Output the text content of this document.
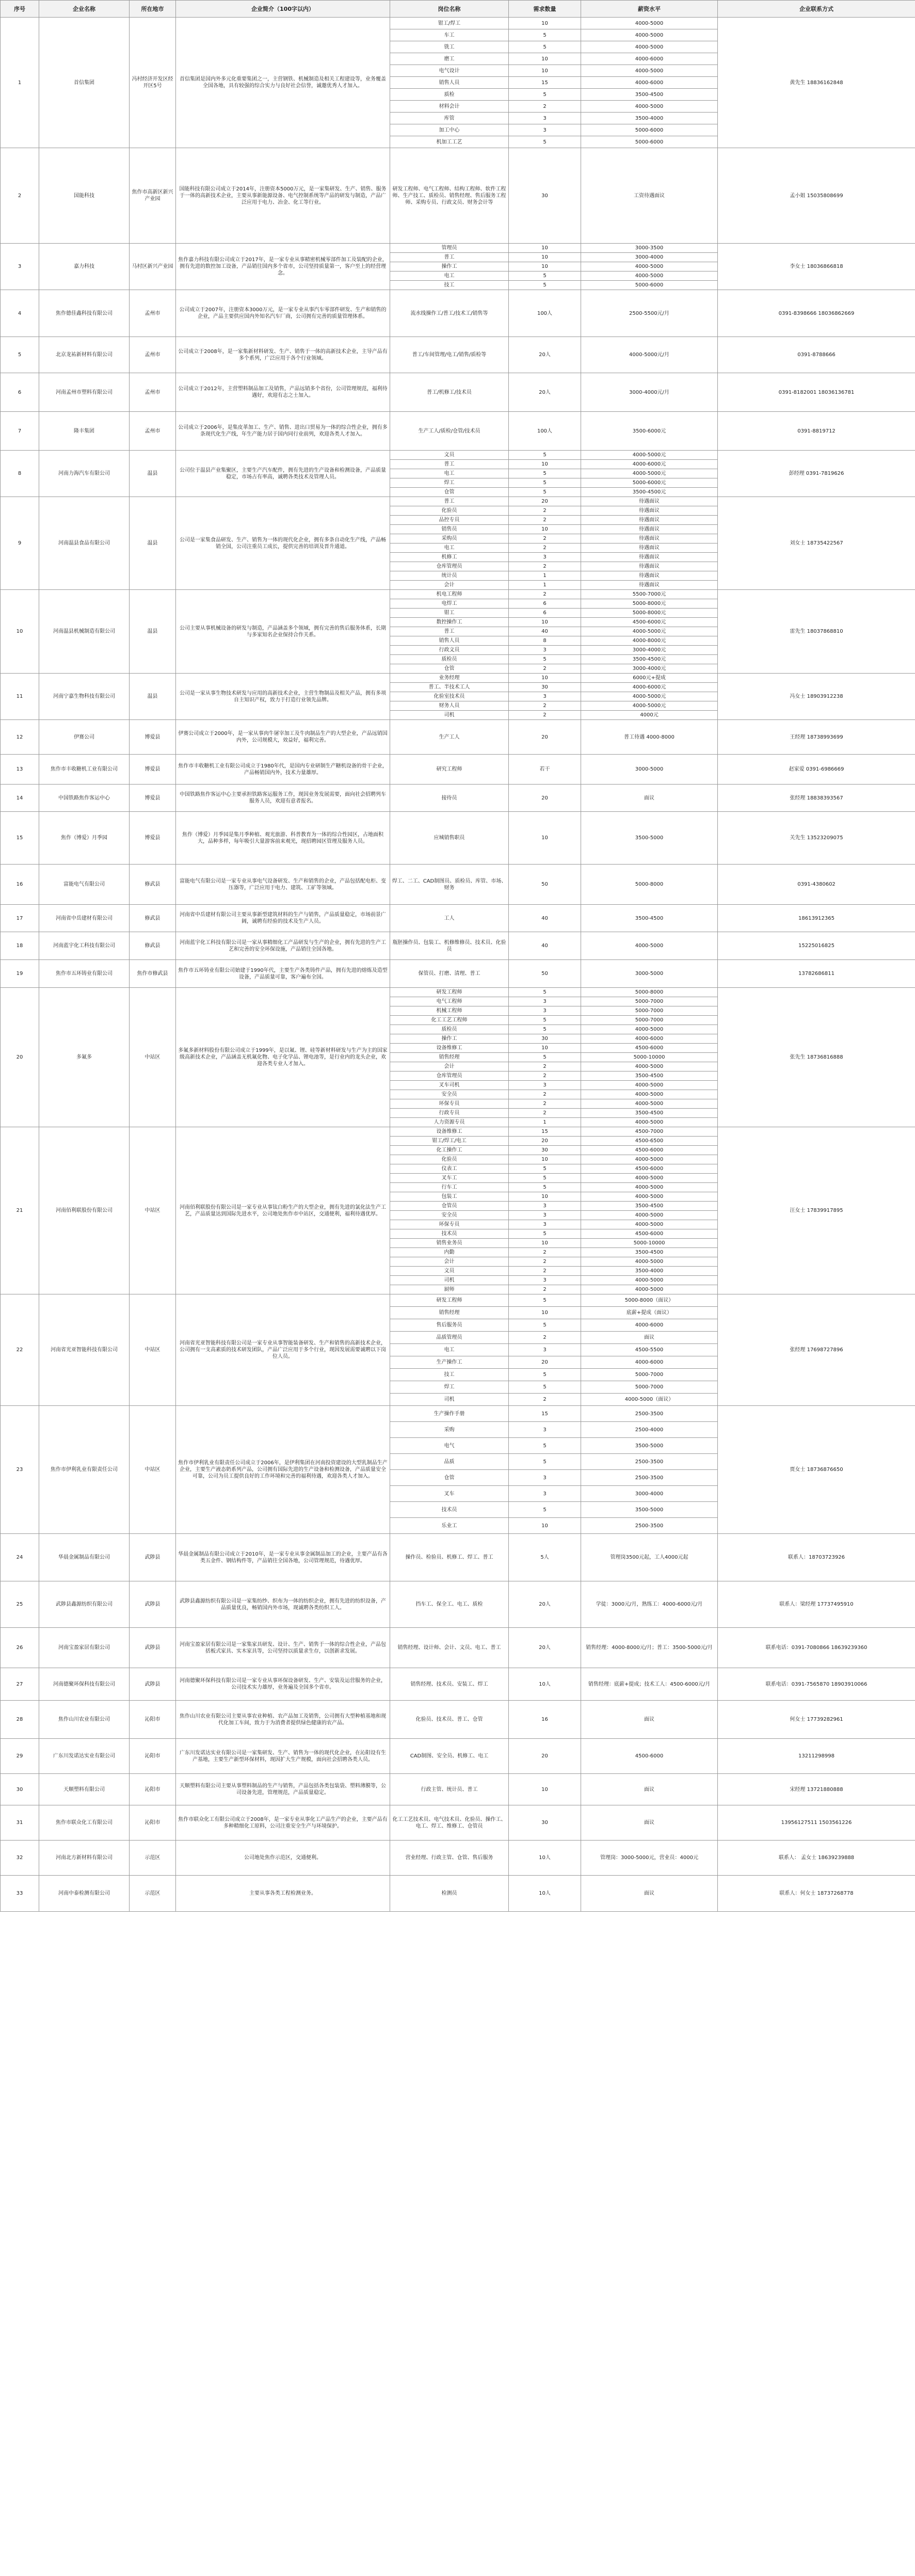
序号	企业名称	所在地市	企业简介（100字以内）	岗位名称	需求数量	薪资水平	企业联系方式
1	首信集团	冯村经济开发区经开区5号	首信集团是国内外多元化重要集团之一，主营钢铁、机械制造及相关工程建设等，业务覆盖全国各地，具有较强的综合实力与良好社会信誉，诚邀优秀人才加入。	钳工/焊工	10	4000-5000	黄先生 18836162848
				车工	5	4000-5000	
				铣工	5	4000-5000	
				磨工	10	4000-6000	
				电气设计	10	4000-5000	
				销售人员	15	4000-6000	
				质检	5	3500-4500	
				材料会计	2	4000-5000	
				库管	3	3500-4000	
				加工中心	3	5000-6000	
				机加工工艺	5	5000-6000	
2	国能科技	焦作市高新区新兴产业园	国能科技有限公司成立于2014年，注册资本5000万元，是一家集研发、生产、销售、服务于一体的高新技术企业，主要从事新能源设备、电气控制系统等产品的研发与制造，产品广泛应用于电力、冶金、化工等行业。	研发工程师、电气工程师、结构工程师、软件工程师、生产技工、质检员、销售经理、售后服务工程师、采购专员、行政文员、财务会计等	30	工资待遇面议	孟小姐 15035808699
3	嘉力科技	马村区新兴产业园	焦作嘉力科技有限公司成立于2017年，是一家专业从事精密机械零部件加工及装配的企业，拥有先进的数控加工设备，产品销往国内多个省市，公司坚持质量第一，客户至上的经营理念。	管理员	10	3000-3500	李女士 18036866818
				普工	10	3000-4000	
				操作工	10	4000-5000	
				电工	5	4000-5000	
				技工	5	5000-6000	
4	焦作德佳鑫科技有限公司	孟州市	公司成立于2007年，注册资本3000万元，是一家专业从事汽车零部件研发、生产和销售的企业，产品主要供应国内外知名汽车厂商，公司拥有完善的质量管理体系。	流水线操作工/普工/技术工/销售等	100人	2500-5500元/月	0391-8398666 18036862669
5	北京龙祐新材料有限公司	孟州市	公司成立于2008年，是一家集新材料研发、生产、销售于一体的高新技术企业，主导产品有多个系列，广泛应用于各个行业领域。	普工/车间管理/电工/销售/质检等	20人	4000-5000元/月	0391-8788666
6	河南孟州市塑料有限公司	孟州市	公司成立于2012年，主营塑料制品加工及销售，产品远销多个省份，公司管理规范，福利待遇好，欢迎有志之士加入。	普工/机修工/技术员	20人	3000-4000元/月	0391-8182001 18036136781
7	隆丰集团	孟州市	公司成立于2006年，是集皮革加工、生产、销售、进出口贸易为一体的综合性企业，拥有多条现代化生产线，年生产能力居于国内同行业前列，欢迎各类人才加入。	生产工人/质检/仓管/技术员	100人	3500-6000元	0391-8819712
8	河南力海汽车有限公司	温县	公司位于温县产业集聚区，主要生产汽车配件，拥有先进的生产设备和检测设备，产品质量稳定，市场占有率高，诚聘各类技术及管理人员。	文员	5	4000-5000元	彭经理 0391-7819626
				普工	10	4000-6000元	
				电工	5	4000-5000元	
				焊工	5	5000-6000元	
				仓管	5	3500-4500元	
9	河南温县食品有限公司	温县	公司是一家集食品研发、生产、销售为一体的现代化企业，拥有多条自动化生产线，产品畅销全国，公司注重员工成长，提供完善的培训及晋升通道。	普工	20	待遇面议	刘女士 18735422567
				化验员	2	待遇面议	
				品控专员	2	待遇面议	
				销售员	10	待遇面议	
				采购员	2	待遇面议	
				电工	2	待遇面议	
				机修工	3	待遇面议	
				仓库管理员	2	待遇面议	
				统计员	1	待遇面议	
				会计	1	待遇面议	
10	河南温县机械制造有限公司	温县	公司主要从事机械设备的研发与制造，产品涵盖多个领域，拥有完善的售后服务体系，长期与多家知名企业保持合作关系。	机电工程师	2	5500-7000元	雷先生 18037868810
				电焊工	6	5000-8000元	
				钳工	6	5000-8000元	
				数控操作工	10	4500-6000元	
				普工	40	4000-5000元	
				销售人员	8	4000-8000元	
				行政文员	3	3000-4000元	
				质检员	5	3500-4500元	
				仓管	2	3000-4000元	
11	河南宁嘉生物科技有限公司	温县	公司是一家从事生物技术研发与应用的高新技术企业，主营生物制品及相关产品，拥有多项自主知识产权，致力于打造行业领先品牌。	业务经理	10	6000元+提成	冯女士 18903912238
				普工、半技术工人	30	4000-6000元	
				化验室技术员	3	4000-5000元	
				财务人员	2	4000-5000元	
				司机	2	4000元	
12	伊赛公司	博爱县	伊赛公司成立于2000年，是一家从事肉牛屠宰加工及牛肉制品生产的大型企业，产品远销国内外，公司规模大，效益好，福利完善。	生产工人	20	普工待遇 4000-8000	王经理 18738993699
13	焦作市丰收糖机工业有限公司	博爱县	焦作市丰收糖机工业有限公司成立于1980年代，是国内专业研制生产糖机设备的骨干企业，产品畅销国内外，技术力量雄厚。	研究工程师	若干	3000-5000	赵家爱 0391-6986669
14	中国铁路焦作客运中心	博爱县	中国铁路焦作客运中心主要承担铁路客运服务工作，现因业务发展需要，面向社会招聘列车服务人员，欢迎有意者报名。	接待员	20	面议	张经理 18838393567
15	焦作（博爱）月季园	博爱县	焦作（博爱）月季园是集月季种植、观光旅游、科普教育为一体的综合性园区，占地面积大，品种多样，每年吸引大量游客前来观光，现招聘园区管理及服务人员。	应城销售职员	10	3500-5000	关先生 13523209075
16	富能电气有限公司	修武县	富能电气有限公司是一家专业从事电气设备研发、生产和销售的企业，产品包括配电柜、变压器等，广泛应用于电力、建筑、工矿等领域。	焊工、二工、CAD制图员、质检员、库管、市场、财务	50	5000-8000	0391-4380602
17	河南省中岳建材有限公司	修武县	河南省中岳建材有限公司主要从事新型建筑材料的生产与销售，产品质量稳定，市场前景广阔，诚聘有经验的技术及生产人员。	工人	40	3500-4500	18613912365
18	河南蓝宇化工科技有限公司	修武县	河南蓝宇化工科技有限公司是一家从事精细化工产品研发与生产的企业，拥有先进的生产工艺和完善的安全环保设施，产品销往全国各地。	瓶胚操作员、包装工、机修维修员、技术员、化验员	40	4000-5000	15225016825
19	焦作市五环铸业有限公司	焦作市修武县	焦作市五环铸业有限公司始建于1990年代，主要生产各类铸件产品，拥有先进的熔炼及造型设备，产品质量可靠，客户遍布全国。	保管员、打磨、清理、普工	50	3000-5000	13782686811
20	多氟多	中站区	多氟多新材料股份有限公司成立于1999年，是以氟、锂、硅等新材料研发与生产为主的国家级高新技术企业，产品涵盖无机氟化物、电子化学品、锂电池等，是行业内的龙头企业，欢迎各类专业人才加入。	研发工程师	5	5000-8000	张先生 18736816888
				电气工程师	3	5000-7000	
				机械工程师	3	5000-7000	
				化工工艺工程师	5	5000-7000	
				质检员	5	4000-5000	
				操作工	30	4000-6000	
				设备维修工	10	4500-6000	
				销售经理	5	5000-10000	
				会计	2	4000-5000	
				仓库管理员	2	3500-4500	
				叉车司机	3	4000-5000	
				安全员	2	4000-5000	
				环保专员	2	4000-5000	
				行政专员	2	3500-4500	
				人力资源专员	1	4000-5000	
21	河南佰利联股份有限公司	中站区	河南佰利联股份有限公司是一家专业从事钛白粉生产的大型企业，拥有先进的氯化法生产工艺，产品质量达到国际先进水平，公司地处焦作市中站区，交通便利，福利待遇优厚。	设备维修工	15	4500-7000	汪女士 17839917895
				钳工/焊工/电工	20	4500-6500	
				化工操作工	30	4500-6000	
				化验员	10	4000-5000	
				仪表工	5	4500-6000	
				叉车工	5	4000-5000	
				行车工	5	4000-5000	
				包装工	10	4000-5000	
				仓管员	3	3500-4500	
				安全员	3	4000-5000	
				环保专员	3	4000-5000	
				技术员	5	4500-6000	
				销售业务员	10	5000-10000	
				内勤	2	3500-4500	
				会计	2	4000-5000	
				文员	2	3500-4000	
				司机	3	4000-5000	
				厨师	2	4000-5000	
22	河南省光亚智能科技有限公司	中站区	河南省光亚智能科技有限公司是一家专业从事智能装备研发、生产和销售的高新技术企业，公司拥有一支高素质的技术研发团队，产品广泛应用于多个行业，现因发展需要诚聘以下岗位人员。	研发工程师	5	5000-8000（面议）	张经理 17698727896
				销售经理	10	底薪+提成（面议）	
				售后服务员	5	4000-6000	
				品质管理员	2	面议	
				电工	3	4500-5500	
				生产操作工	20	4000-6000	
				技工	5	5000-7000	
				焊工	5	5000-7000	
				司机	2	4000-5000（面议）	
23	焦作市伊利乳业有限责任公司	中站区	焦作市伊利乳业有限责任公司成立于2006年，是伊利集团在河南投资建设的大型乳制品生产企业，主要生产液态奶系列产品，公司拥有国际先进的生产设备和检测设备，产品质量安全可靠，公司为员工提供良好的工作环境和完善的福利待遇，欢迎各类人才加入。	生产操作手册	15	2500-3500	贾女士 18736876650
				采购	3	2500-4000	
				电气	5	3500-5000	
				品质	5	2500-3500	
				仓管	3	2500-3500	
				叉车	3	3000-4000	
				技术员	5	3500-5000	
				乐业工	10	2500-3500	
24	华晨金属制品有限公司	武陟县	华晨金属制品有限公司成立于2010年，是一家专业从事金属制品加工的企业，主要产品有各类五金件、钢结构件等，产品销往全国各地，公司管理规范，待遇优厚。	操作员、检验员、机修工、焊工、普工	5人	管理岗3500元起，工人4000元起	联系人：18703723926
25	武陟县鑫源纺织有限公司	武陟县	武陟县鑫源纺织有限公司是一家集纺纱、织布为一体的纺织企业，拥有先进的纺织设备，产品质量优良，畅销国内外市场，现诚聘各类纺织工人。	挡车工、保全工、电工、质检	20人	学徒：3000元/月，熟练工：4000-6000元/月	联系人：梁经理 17737495910
26	河南宝盈家居有限公司	武陟县	河南宝盈家居有限公司是一家集家具研发、设计、生产、销售于一体的综合性企业，产品包括板式家具、实木家具等，公司坚持以质量求生存，以创新求发展。	销售经理、设计师、会计、文员、电工、普工	20人	销售经理：4000-8000元/月；普工：3500-5000元/月	联系电话：0391-7080866 18639239360
27	河南德聚环保科技有限公司	武陟县	河南德聚环保科技有限公司是一家专业从事环保设备研发、生产、安装及运营服务的企业，公司技术实力雄厚，业务遍及全国多个省市。	销售经理、技术员、安装工、焊工	10人	销售经理：底薪+提成；技术工人：4500-6000元/月	联系电话：0391-7565870 18903910066
28	焦作山川农业有限公司	沁阳市	焦作山川农业有限公司主要从事农业种植、农产品加工及销售，公司拥有大型种植基地和现代化加工车间，致力于为消费者提供绿色健康的农产品。	化验员、技术员、普工、仓管	16	面议	何女士 17739282961
29	广东川发诺达实业有限公司	沁阳市	广东川发诺达实业有限公司是一家集研发、生产、销售为一体的现代化企业，在沁阳设有生产基地，主要生产新型环保材料，现因扩大生产规模，面向社会招聘各类人员。	CAD制图、安全员、机修工、电工	20	4500-6000	13211298998
30	天顺塑料有限公司	沁阳市	天顺塑料有限公司主要从事塑料制品的生产与销售，产品包括各类包装袋、塑料薄膜等，公司设备先进，管理规范，产品质量稳定。	行政主管、统计员、普工	10	面议	宋经理 13721880888
31	焦作市联众化工有限公司	沁阳市	焦作市联众化工有限公司成立于2008年，是一家专业从事化工产品生产的企业，主要产品有多种精细化工原料，公司注重安全生产与环境保护。	化工工艺技术员、电气技术员、化验员、操作工、电工、焊工、维修工、仓管员	30	面议	13956127511 1503561226
32	河南北方新材料有限公司	示范区	公司地处焦作示范区，交通便利。	营业经理、行政主管、仓管、售后服务	10人	管理岗：3000-5000元，营业员：4000元	联系人： 孟女士 18639239888
33	河南中泰检测有限公司	示范区	主要从事各类工程检测业务。	检测员	10人	面议	联系人：何女士 18737268778
